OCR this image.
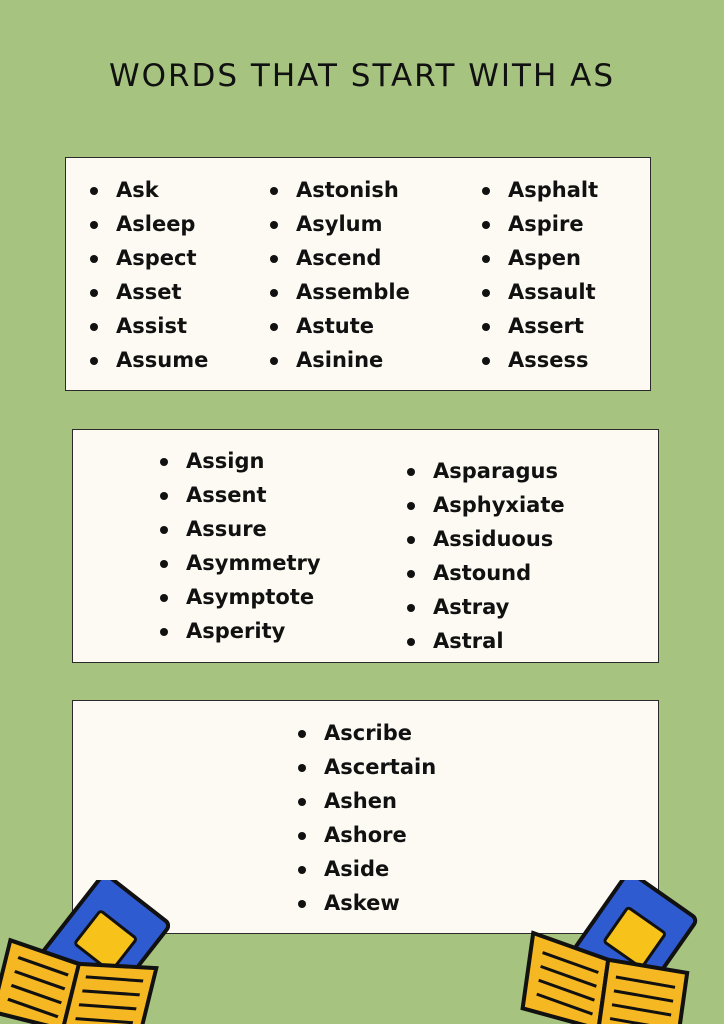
WORDS THAT START WITH AS
Ask
Asleep
Aspect
Asset
Assist
Assume
Astonish
Asylum
Ascend
Assemble
Astute
Asinine
Asphalt
Aspire
Aspen
Assault
Assert
Assess
Assign
Assent
Assure
Asymmetry
Asymptote
Asperity
Asparagus
Asphyxiate
Assiduous
Astound
Astray
Astral
Ascribe
Ascertain
Ashen
Ashore
Aside
Askew
